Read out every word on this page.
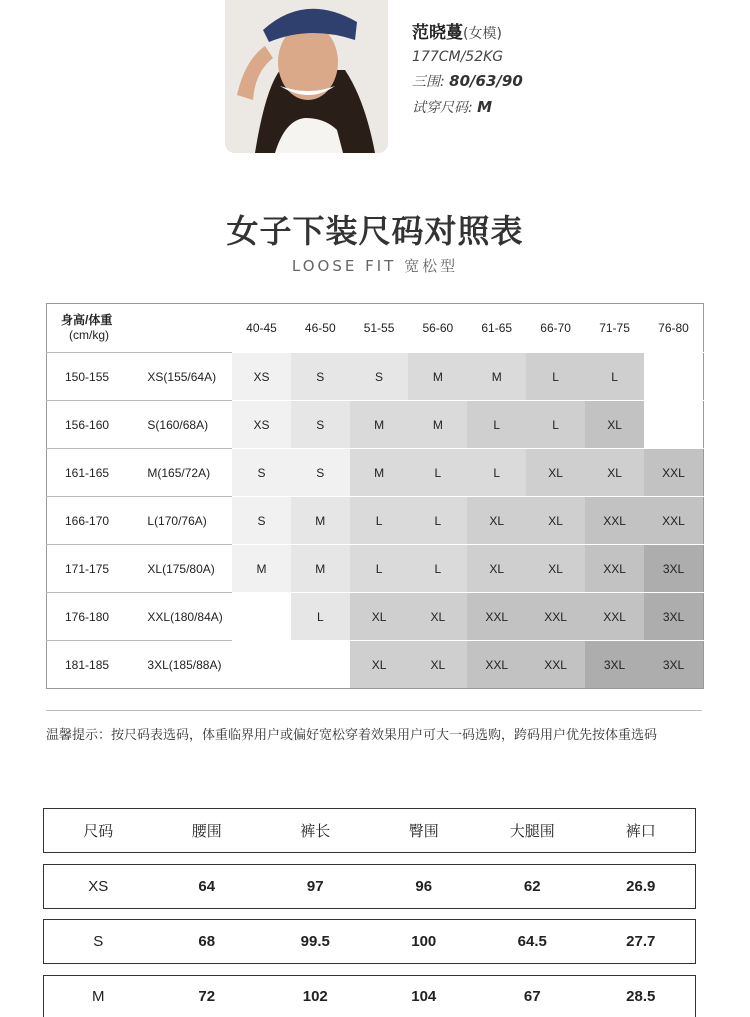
范晓蔓(女模)
177CM/52KG
三围: 80/63/90
试穿尺码: M
女子下装尺码对照表
LOOSE FIT 宽松型
身高/体重
(cm/kg)		40-45	46-50	51-55	56-60	61-65	66-70	71-75	76-80
150-155	XS(155/64A)	XS	S	S	M	M	L	L	
156-160	S(160/68A)	XS	S	M	M	L	L	XL	
161-165	M(165/72A)	S	S	M	L	L	XL	XL	XXL
166-170	L(170/76A)	S	M	L	L	XL	XL	XXL	XXL
171-175	XL(175/80A)	M	M	L	L	XL	XL	XXL	3XL
176-180	XXL(180/84A)		L	XL	XL	XXL	XXL	XXL	3XL
181-185	3XL(185/88A)			XL	XL	XXL	XXL	3XL	3XL
温馨提示：按尺码表选码，体重临界用户或偏好宽松穿着效果用户可大一码选购，跨码用户优先按体重选码
尺码	腰围	裤长	臀围	大腿围	裤口
XS	64	97	96	62	26.9
S	68	99.5	100	64.5	27.7
M	72	102	104	67	28.5
